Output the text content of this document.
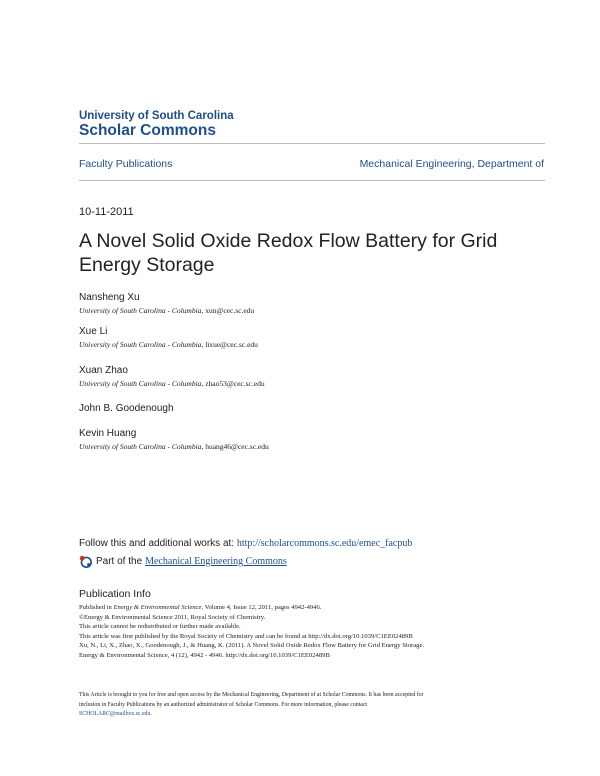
University of South Carolina
Scholar Commons
Faculty Publications	Mechanical Engineering, Department of
10-11-2011
A Novel Solid Oxide Redox Flow Battery for Grid Energy Storage
Nansheng Xu
University of South Carolina - Columbia, xun@cec.sc.edu
Xue Li
University of South Carolina - Columbia, lixue@cec.sc.edu
Xuan Zhao
University of South Carolina - Columbia, zhao53@cec.sc.edu
John B. Goodenough
Kevin Huang
University of South Carolina - Columbia, huang46@cec.sc.edu
Follow this and additional works at: http://scholarcommons.sc.edu/emec_facpub
Part of the Mechanical Engineering Commons
Publication Info
Published in Energy & Environmental Science, Volume 4, Issue 12, 2011, pages 4942-4946.
©Energy & Environmental Science 2011, Royal Society of Chemistry.
This article cannot be redistributed or further made available.
This article was first published by the Royal Society of Chemistry and can be found at http://dx.doi.org/10.1039/C1EE02489B
Xu, N., Li, X., Zhao, X., Goodenough, J., & Huang, K. (2011). A Novel Solid Oxide Redox Flow Battery for Grid Energy Storage.
Energy & Environmental Science, 4 (12), 4942 - 4946. http://dx.doi.org/10.1039/C1EE02489B
This Article is brought to you for free and open access by the Mechanical Engineering, Department of at Scholar Commons. It has been accepted for
inclusion in Faculty Publications by an authorized administrator of Scholar Commons. For more information, please contact
SCHOLARC@mailbox.sc.edu.
